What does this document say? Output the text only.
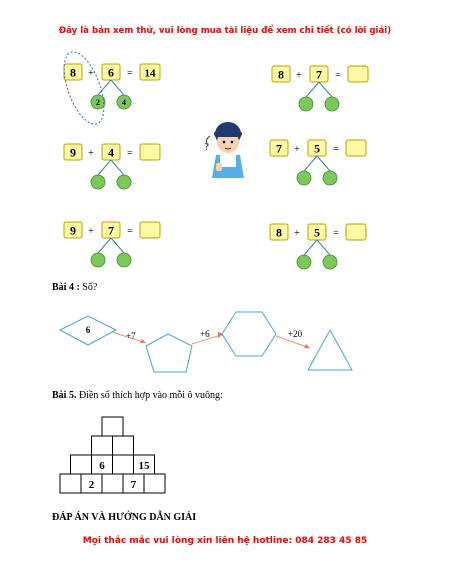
Đây là bản xem thử, vui lòng mua tài liệu để xem chi tiết (có lời giải)
8 + 6 = 14
2	4
8 + 7 =
9 + 4 =	7 + 5 =
9 + 7 =	8 + 5 =
?
6
+7	+6	+20
6	15
2	7
Bài 4 : Số?
Bài 5. Điền số thích hợp vào mỗi ô vuông:
ĐÁP ÁN VÀ HƯỚNG DẪN GIẢI
Mọi thắc mắc vui lòng xin liên hệ hotline: 084 283 45 85
